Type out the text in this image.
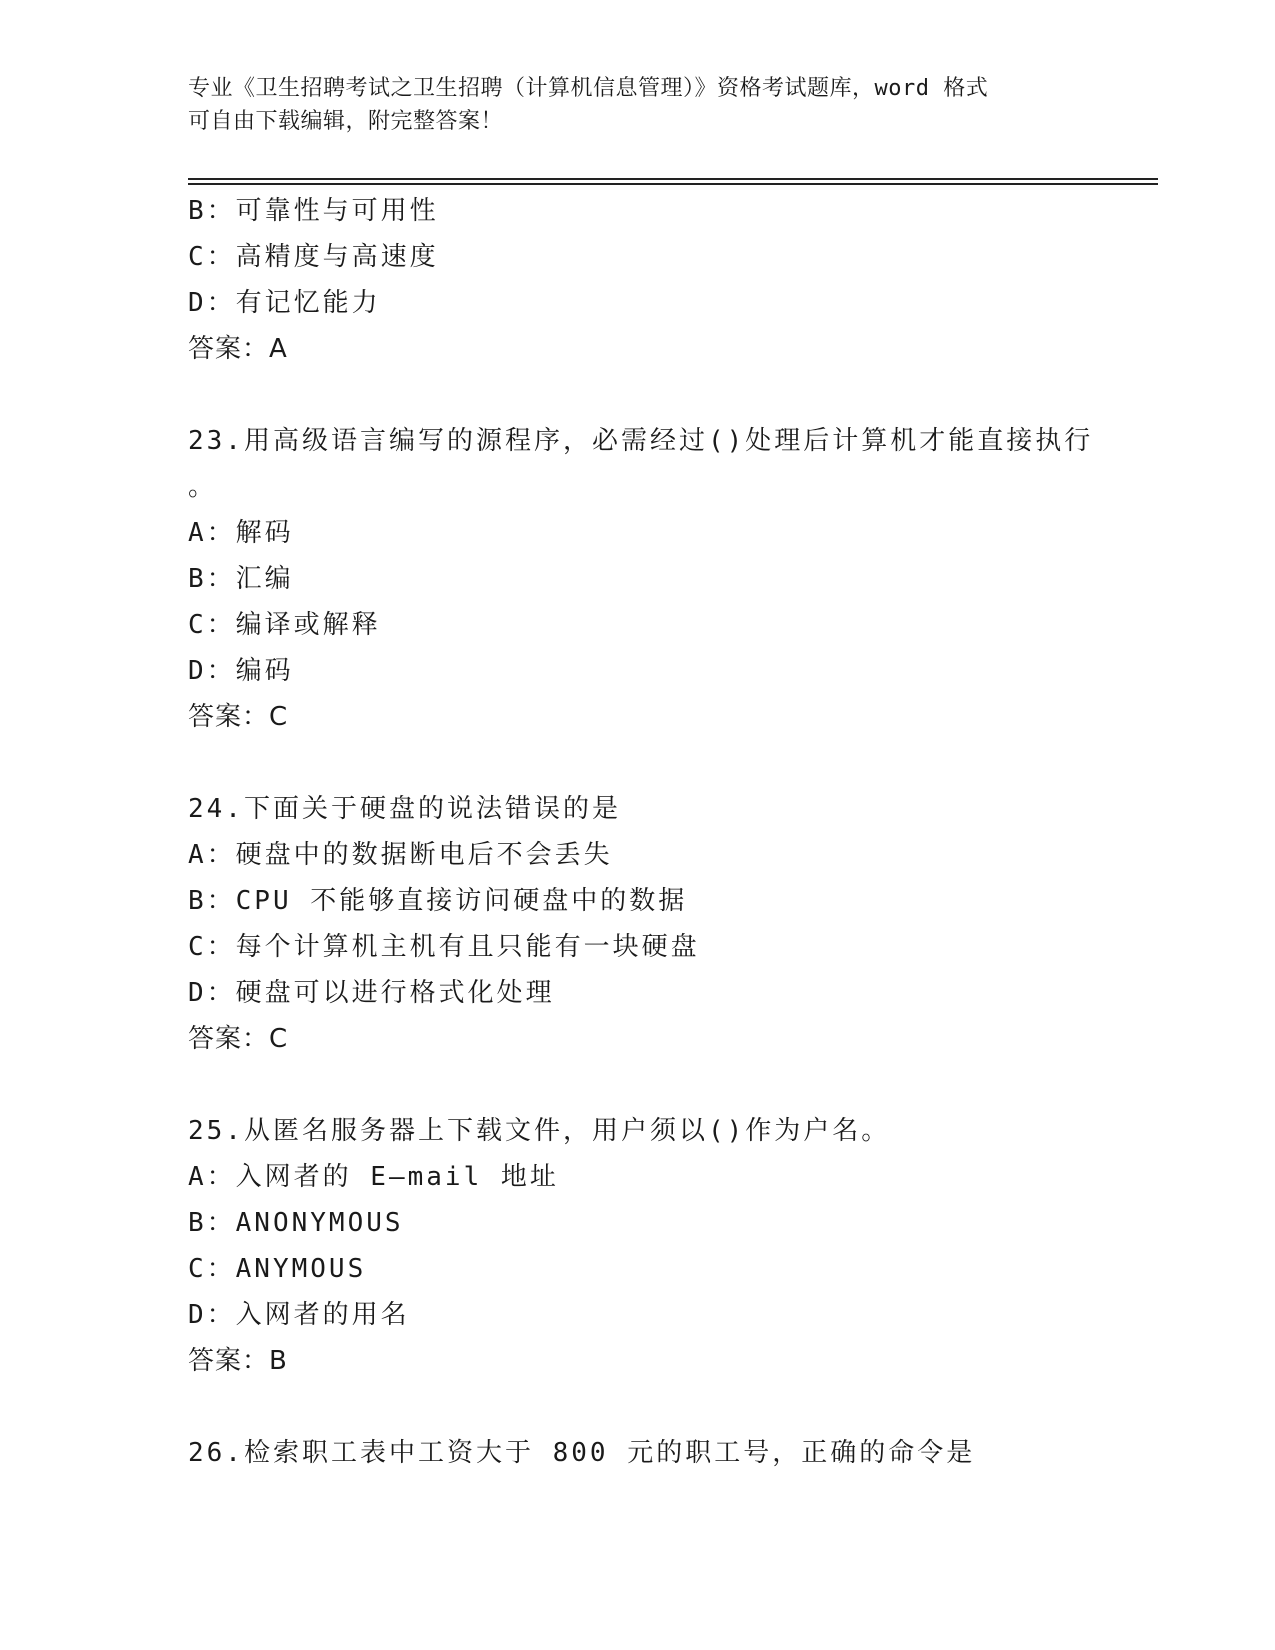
专业《卫生招聘考试之卫生招聘（计算机信息管理）》资格考试题库，word 格式
可自由下载编辑，附完整答案！
B：可靠性与可用性
C：高精度与高速度
D：有记忆能力
答案：A
23.用高级语言编写的源程序，必需经过()处理后计算机才能直接执行
。
A：解码
B：汇编
C：编译或解释
D：编码
答案：C
24.下面关于硬盘的说法错误的是
A：硬盘中的数据断电后不会丢失
B：CPU 不能够直接访问硬盘中的数据
C：每个计算机主机有且只能有一块硬盘
D：硬盘可以进行格式化处理
答案：C
25.从匿名服务器上下载文件，用户须以()作为户名。
A：入网者的 E—mail 地址
B：ANONYMOUS
C：ANYMOUS
D：入网者的用名
答案：B
26.检索职工表中工资大于 800 元的职工号，正确的命令是
